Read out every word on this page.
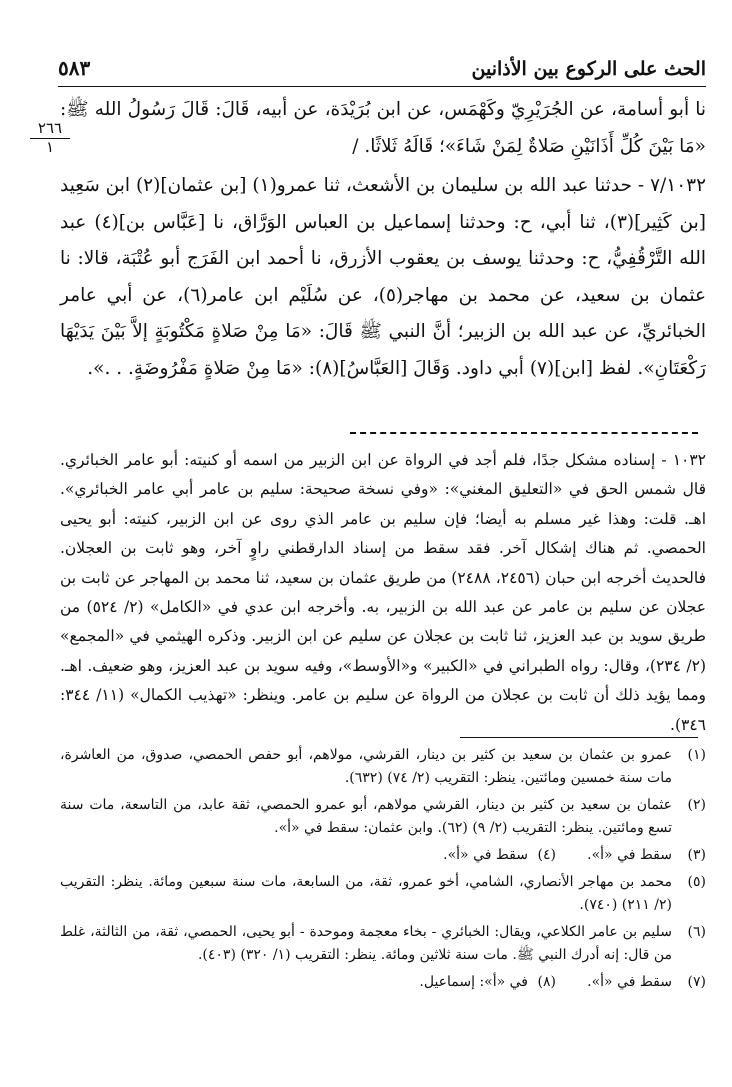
الحث على الركوع بين الأذانين
٥٨٣
٢٦٦
١

نا أبو أسامة، عن الجُرَيْرِيّ وكَهْمَس، عن ابن بُرَيْدَة، عن أبيه، قَالَ: قَالَ رَسُولُ الله ﷺ: «مَا بَيْنَ كُلِّ أَذَانَيْنِ صَلاةٌ لِمَنْ شَاءَ»؛ قَالَهُ ثَلاثًا. /

٧/١٠٣٢ - حدثنا عبد الله بن سليمان بن الأشعث، ثنا عمرو(١) [بن عثمان](٢) ابن سَعِيد [بن كَثِير](٣)، ثنا أبي، ح: وحدثنا إسماعيل بن العباس الوَرَّاق، نا [عَبَّاس بن](٤) عبد الله التَّرْقُفِيُّ، ح: وحدثنا يوسف بن يعقوب الأزرق، نا أحمد ابن الفَرَج أبو عُتْبَة، قالا: نا عثمان بن سعيد، عن محمد بن مهاجر(٥)، عن سُلَيْم ابن عامر(٦)، عن أبي عامر الخبائريِّ، عن عبد الله بن الزبير؛ أنَّ النبي ﷺ قَالَ: «مَا مِنْ صَلاةٍ مَكْتُوبَةٍ إلاَّ بَيْنَ يَدَيْهَا رَكْعَتَانِ». لفظ [ابن](٧) أبي داود. وَقَالَ [العَبَّاسُ](٨): «مَا مِنْ صَلاةٍ مَفْرُوضَةٍ. . .».

١٠٣٢ - إسناده مشكل جدًا، فلم أجد في الرواة عن ابن الزبير من اسمه أو كنيته: أبو عامر الخبائري. قال شمس الحق في «التعليق المغني»: «وفي نسخة صحيحة: سليم بن عامر أبي عامر الخبائري». اهـ. قلت: وهذا غير مسلم به أيضا؛ فإن سليم بن عامر الذي روى عن ابن الزبير، كنيته: أبو يحيى الحمصي. ثم هناك إشكال آخر. فقد سقط من إسناد الدارقطني راوٍ آخر، وهو ثابت بن العجلان. فالحديث أخرجه ابن حبان (٢٤٥٦، ٢٤٨٨) من طريق عثمان بن سعيد، ثنا محمد بن المهاجر عن ثابت بن عجلان عن سليم بن عامر عن عبد الله بن الزبير، به. وأخرجه ابن عدي في «الكامل» (٢/ ٥٢٤) من طريق سويد بن عبد العزيز، ثنا ثابت بن عجلان عن سليم عن ابن الزبير. وذكره الهيثمي في «المجمع» (٢/ ٢٣٤)، وقال: رواه الطبراني في «الكبير» و«الأوسط»، وفيه سويد بن عبد العزيز، وهو ضعيف. اهـ. ومما يؤيد ذلك أن ثابت بن عجلان من الرواة عن سليم بن عامر. وينظر: «تهذيب الكمال» (١١/ ٣٤٤: ٣٤٦).
(١)
عمرو بن عثمان بن سعيد بن كثير بن دينار، القرشي، مولاهم، أبو حفص الحمصي، صدوق، من العاشرة، مات سنة خمسين ومائتين. ينظر: التقريب (٢/ ٧٤) (٦٣٢).
(٢)
عثمان بن سعيد بن كثير بن دينار، القرشي مولاهم، أبو عمرو الحمصي، ثقة عابد، من التاسعة، مات سنة تسع ومائتين. ينظر: التقريب (٢/ ٩) (٦٢). وابن عثمان: سقط في «أ».
(٣)
سقط في «أ».
(٤)
سقط في «أ».
(٥)
محمد بن مهاجر الأنصاري، الشامي، أخو عمرو، ثقة، من السابعة، مات سنة سبعين ومائة. ينظر: التقريب (٢/ ٢١١) (٧٤٠).
(٦)
سليم بن عامر الكلاعي، ويقال: الخبائري - بخاء معجمة وموحدة - أبو يحيى، الحمصي، ثقة، من الثالثة، غلط من قال: إنه أدرك النبي ﷺ. مات سنة ثلاثين ومائة. ينظر: التقريب (١/ ٣٢٠) (٤٠٣).
(٧)
سقط في «أ».
(٨)
في «أ»: إسماعيل.
